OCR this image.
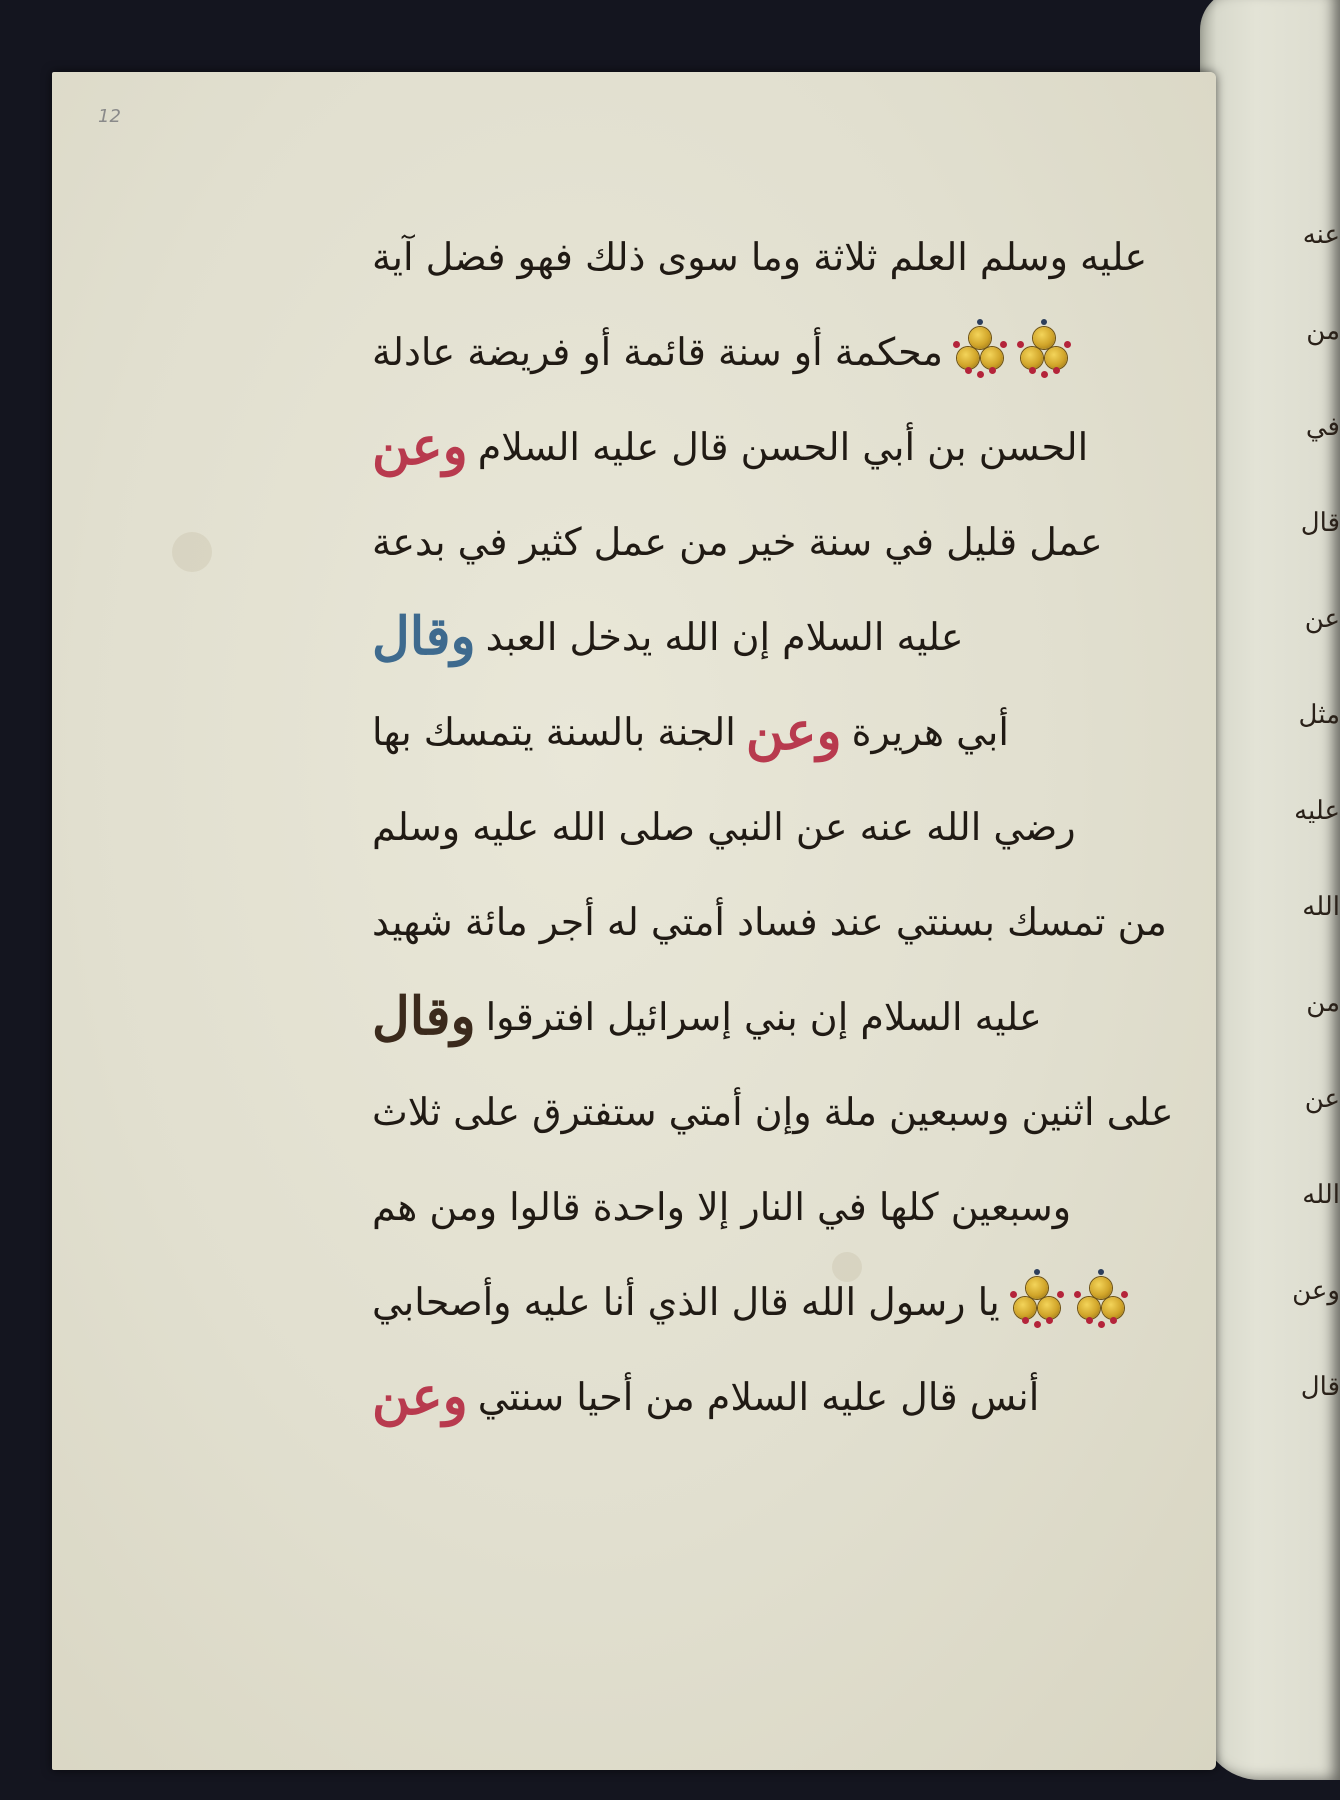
عنه
من
في
قال
عن
مثل
عليه
الله
من
عن
الله
وعن
قال
12
عليه وسلم العلم ثلاثة وما سوى ذلك فهو فضل آية
محكمة أو سنة قائمة أو فريضة عادلة
وعن الحسن بن أبي الحسن قال عليه السلام
عمل قليل في سنة خير من عمل كثير في بدعة
وقال عليه السلام إن الله يدخل العبد
الجنة بالسنة يتمسك بها وعن أبي هريرة
رضي الله عنه عن النبي صلى الله عليه وسلم
من تمسك بسنتي عند فساد أمتي له أجر مائة شهيد
وقال عليه السلام إن بني إسرائيل افترقوا
على اثنين وسبعين ملة وإن أمتي ستفترق على ثلاث
وسبعين كلها في النار إلا واحدة قالوا ومن هم
يا رسول الله قال الذي أنا عليه وأصحابي
وعن أنس قال عليه السلام من أحيا سنتي
